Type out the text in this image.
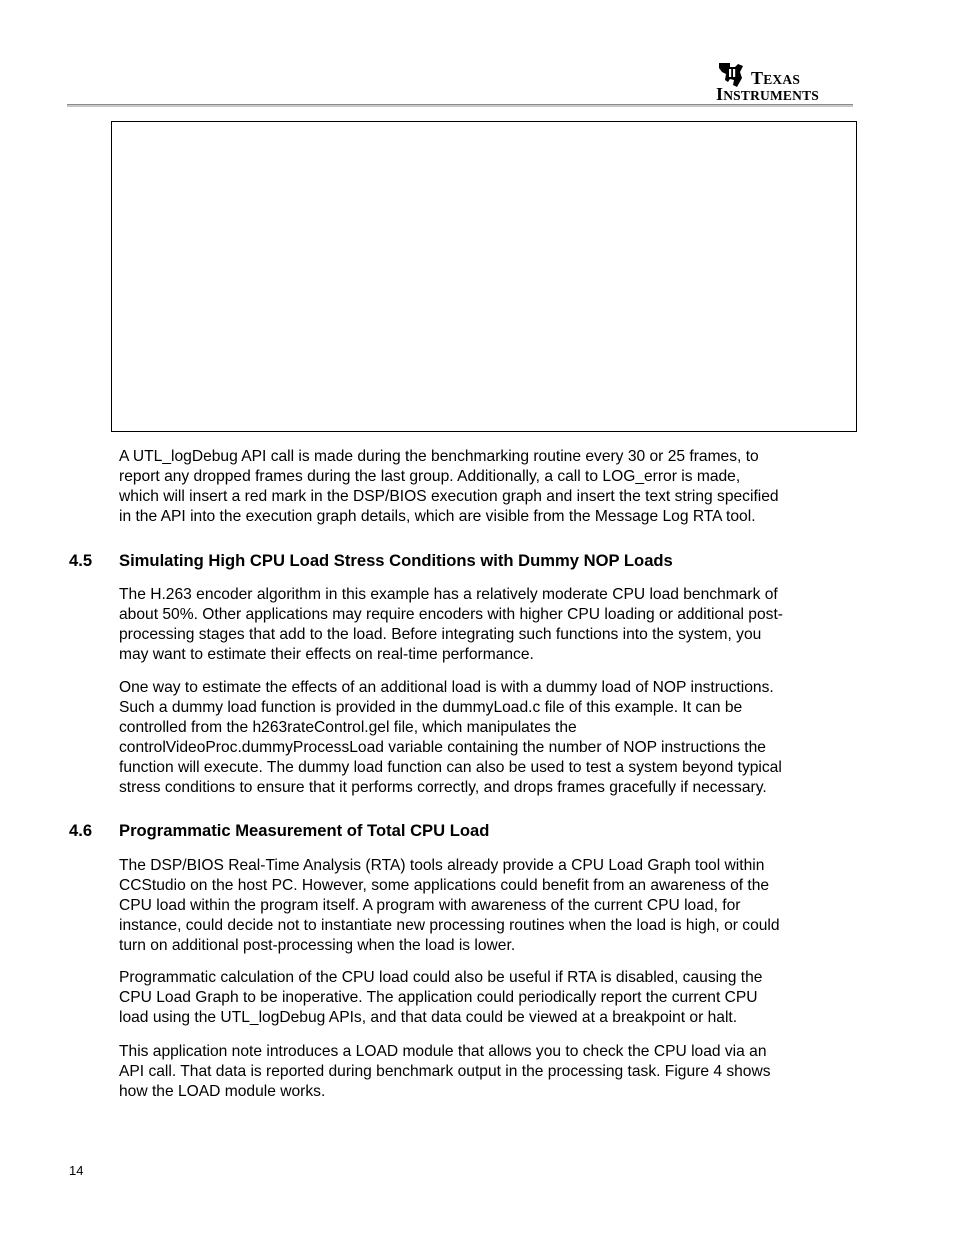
TEXAS
INSTRUMENTS
A UTL_logDebug API call is made during the benchmarking routine every 30 or 25 frames, to
report any dropped frames during the last group. Additionally, a call to LOG_error is made,
which will insert a red mark in the DSP/BIOS execution graph and insert the text string specified
in the API into the execution graph details, which are visible from the Message Log RTA tool.
4.5 Simulating High CPU Load Stress Conditions with Dummy NOP Loads
The H.263 encoder algorithm in this example has a relatively moderate CPU load benchmark of
about 50%. Other applications may require encoders with higher CPU loading or additional post-
processing stages that add to the load. Before integrating such functions into the system, you
may want to estimate their effects on real-time performance.
One way to estimate the effects of an additional load is with a dummy load of NOP instructions.
Such a dummy load function is provided in the dummyLoad.c file of this example. It can be
controlled from the h263rateControl.gel file, which manipulates the
controlVideoProc.dummyProcessLoad variable containing the number of NOP instructions the
function will execute. The dummy load function can also be used to test a system beyond typical
stress conditions to ensure that it performs correctly, and drops frames gracefully if necessary.
4.6 Programmatic Measurement of Total CPU Load
The DSP/BIOS Real-Time Analysis (RTA) tools already provide a CPU Load Graph tool within
CCStudio on the host PC. However, some applications could benefit from an awareness of the
CPU load within the program itself. A program with awareness of the current CPU load, for
instance, could decide not to instantiate new processing routines when the load is high, or could
turn on additional post-processing when the load is lower.
Programmatic calculation of the CPU load could also be useful if RTA is disabled, causing the
CPU Load Graph to be inoperative. The application could periodically report the current CPU
load using the UTL_logDebug APIs, and that data could be viewed at a breakpoint or halt.
This application note introduces a LOAD module that allows you to check the CPU load via an
API call. That data is reported during benchmark output in the processing task. Figure 4 shows
how the LOAD module works.
14
